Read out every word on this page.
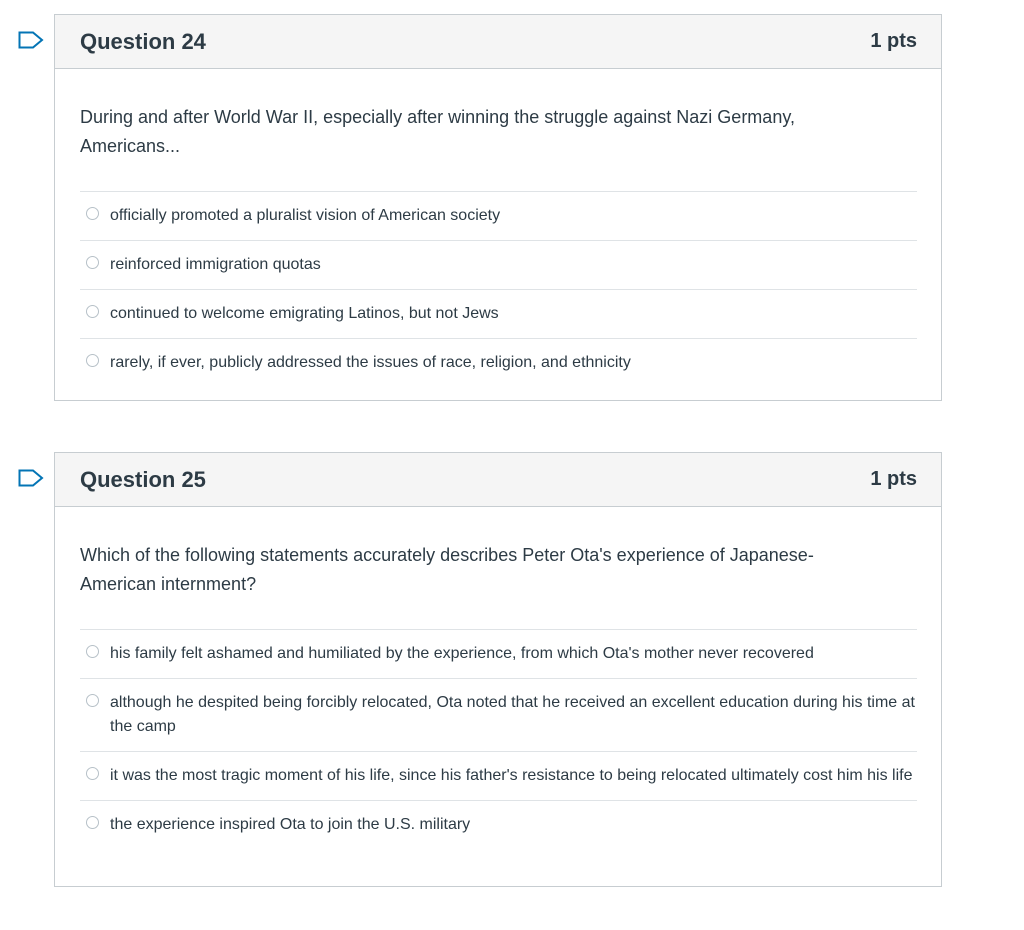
Question 24	1 pts

During and after World War II, especially after winning the struggle against Nazi Germany, Americans...

officially promoted a pluralist vision of American society
reinforced immigration quotas
continued to welcome emigrating Latinos, but not Jews
rarely, if ever, publicly addressed the issues of race, religion, and ethnicity
Question 25	1 pts

Which of the following statements accurately describes Peter Ota's experience of Japanese-American internment?

his family felt ashamed and humiliated by the experience, from which Ota's mother never recovered
although he despited being forcibly relocated, Ota noted that he received an excellent education during his time at the camp
it was the most tragic moment of his life, since his father's resistance to being relocated ultimately cost him his life
the experience inspired Ota to join the U.S. military
